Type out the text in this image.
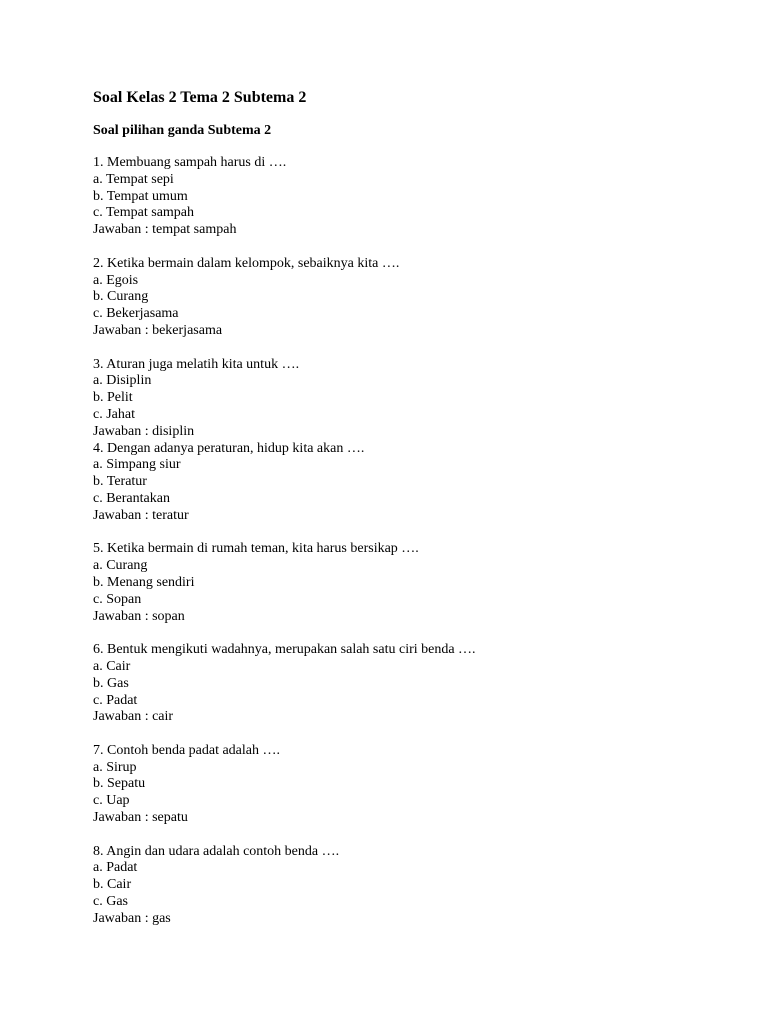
Soal Kelas 2 Tema 2 Subtema 2
Soal pilihan ganda Subtema 2
1. Membuang sampah harus di ….
a. Tempat sepi
b. Tempat umum
c. Tempat sampah
Jawaban : tempat sampah
2. Ketika bermain dalam kelompok, sebaiknya kita ….
a. Egois
b. Curang
c. Bekerjasama
Jawaban : bekerjasama
3. Aturan juga melatih kita untuk ….
a. Disiplin
b. Pelit
c. Jahat
Jawaban : disiplin
4. Dengan adanya peraturan, hidup kita akan ….
a. Simpang siur
b. Teratur
c. Berantakan
Jawaban : teratur
5. Ketika bermain di rumah teman, kita harus bersikap ….
a. Curang
b. Menang sendiri
c. Sopan
Jawaban : sopan
6. Bentuk mengikuti wadahnya, merupakan salah satu ciri benda ….
a. Cair
b. Gas
c. Padat
Jawaban : cair
7. Contoh benda padat adalah ….
a. Sirup
b. Sepatu
c. Uap
Jawaban : sepatu
8. Angin dan udara adalah contoh benda ….
a. Padat
b. Cair
c. Gas
Jawaban : gas
